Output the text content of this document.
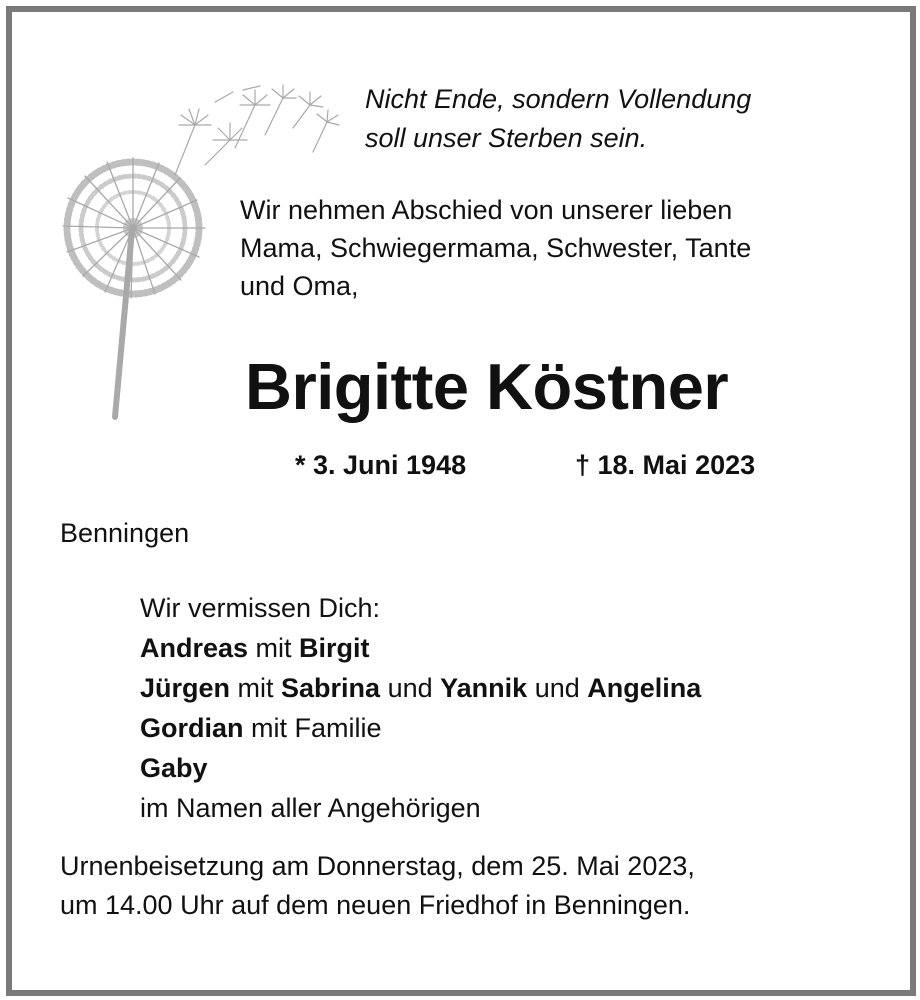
Nicht Ende, sondern Vollendung
soll unser Sterben sein.
Wir nehmen Abschied von unserer lieben
Mama, Schwiegermama, Schwester, Tante
und Oma,
Brigitte Köstner
* 3. Juni 1948	† 18. Mai 2023
Benningen
Wir vermissen Dich:
Andreas mit Birgit
Jürgen mit Sabrina und Yannik und Angelina
Gordian mit Familie
Gaby
im Namen aller Angehörigen
Urnenbeisetzung am Donnerstag, dem 25. Mai 2023,
um 14.00 Uhr auf dem neuen Friedhof in Benningen.
